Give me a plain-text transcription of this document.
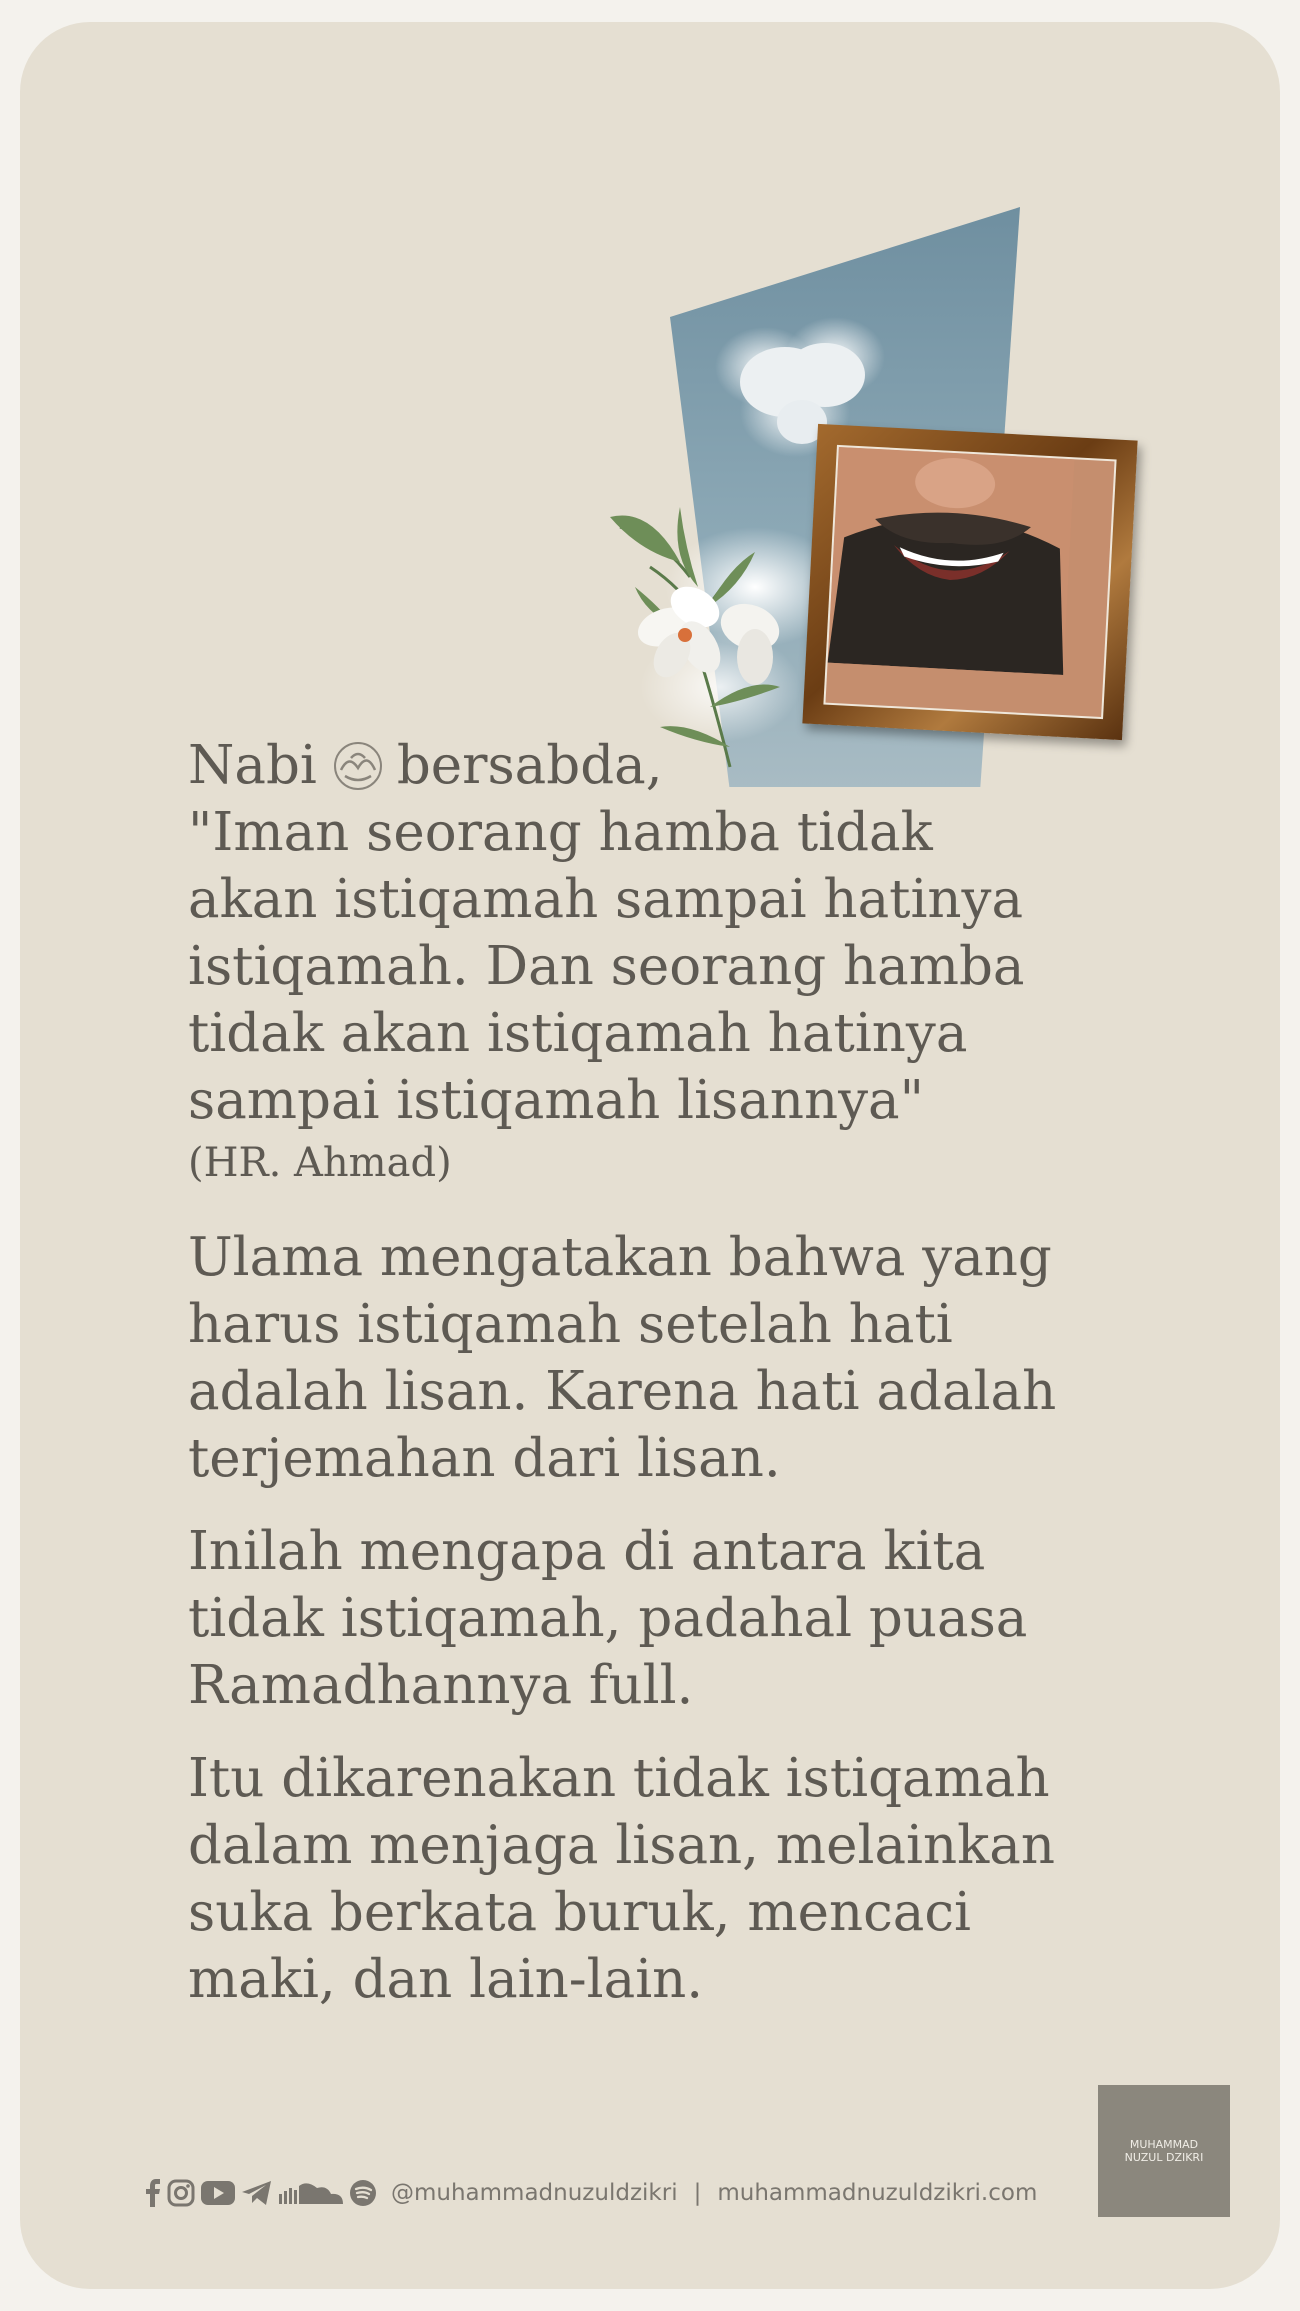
Nabi bersabda,
"Iman seorang hamba tidak
akan istiqamah sampai hatinya
istiqamah. Dan seorang hamba
tidak akan istiqamah hatinya
sampai istiqamah lisannya"
(HR. Ahmad)
Ulama mengatakan bahwa yang
harus istiqamah setelah hati
adalah lisan. Karena hati adalah
terjemahan dari lisan.
Inilah mengapa di antara kita
tidak istiqamah, padahal puasa
Ramadhannya full.
Itu dikarenakan tidak istiqamah
dalam menjaga lisan, melainkan
suka berkata buruk, mencaci
maki, dan lain-lain.
@muhammadnuzuldzikri | muhammadnuzuldzikri.com
MUHAMMAD
NUZUL DZIKRI
